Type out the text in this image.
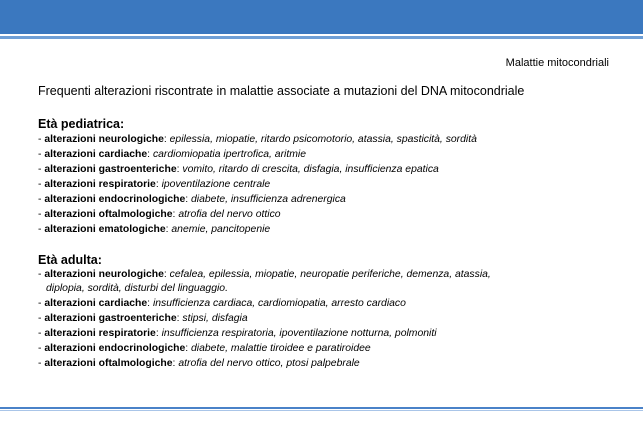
Malattie mitocondriali
Frequenti alterazioni riscontrate in malattie associate a mutazioni del DNA mitocondriale
Età pediatrica:
- alterazioni neurologiche: epilessia, miopatie, ritardo psicomotorio, atassia, spasticità, sordità
- alterazioni cardiache: cardiomiopatia ipertrofica, aritmie
- alterazioni gastroenteriche: vomito, ritardo di crescita, disfagia, insufficienza epatica
- alterazioni respiratorie: ipoventilazione centrale
- alterazioni endocrinologiche: diabete, insufficienza adrenergica
- alterazioni oftalmologiche: atrofia del nervo ottico
- alterazioni ematologiche: anemie, pancitopenie
Età adulta:
- alterazioni neurologiche: cefalea, epilessia, miopatie, neuropatie periferiche, demenza, atassia,
diplopia, sordità, disturbi del linguaggio.
- alterazioni cardiache: insufficienza cardiaca, cardiomiopatia, arresto cardiaco
- alterazioni gastroenteriche: stipsi, disfagia
- alterazioni respiratorie: insufficienza respiratoria, ipoventilazione notturna, polmoniti
- alterazioni endocrinologiche: diabete, malattie tiroidee e paratiroidee
- alterazioni oftalmologiche: atrofia del nervo ottico, ptosi palpebrale
